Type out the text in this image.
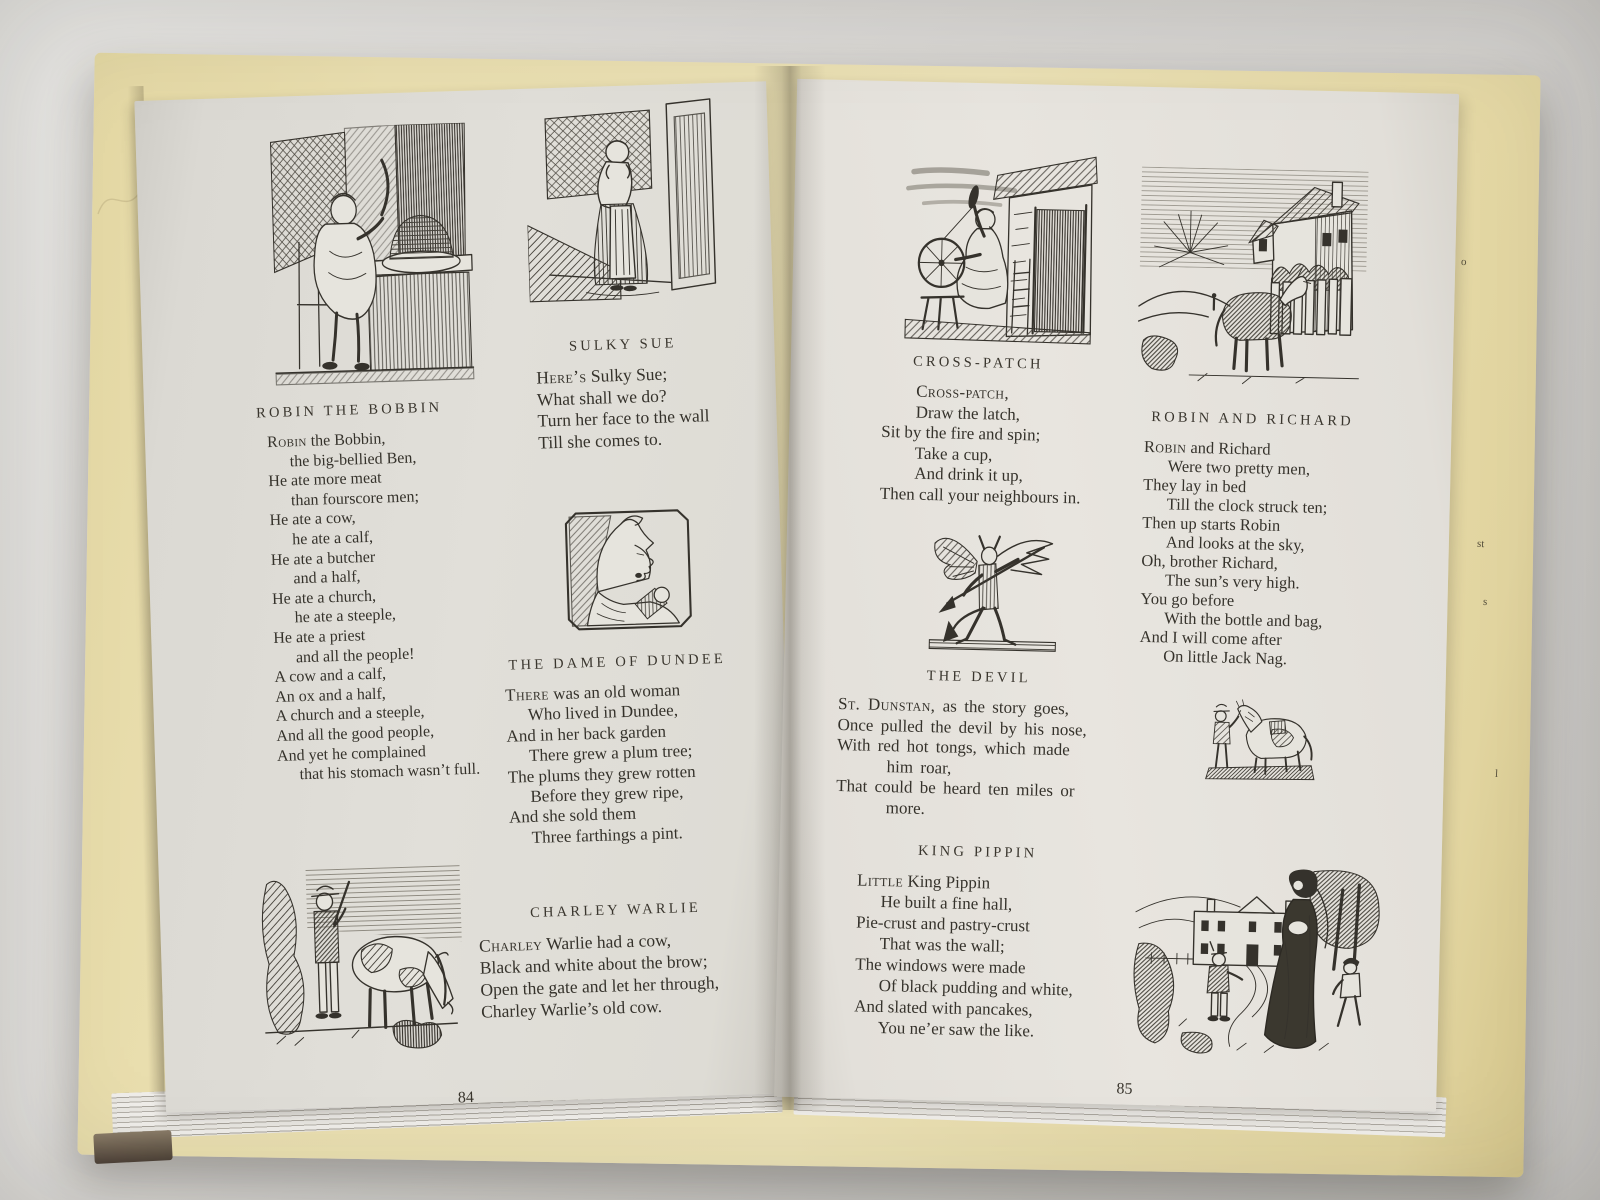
o
st
s
l
ROBIN THE BOBBIN
Robin the Bobbin,
the big-bellied Ben,
He ate more meat
than fourscore men;
He ate a cow,
he ate a calf,
He ate a butcher
and a half,
He ate a church,
he ate a steeple,
He ate a priest
and all the people!
A cow and a calf,
An ox and a half,
A church and a steeple,
And all the good people,
And yet he complained
that his stomach wasn’t full.
84
SULKY SUE
Here’s Sulky Sue;
What shall we do?
Turn her face to the wall
Till she comes to.
THE DAME OF DUNDEE
There was an old woman
Who lived in Dundee,
And in her back garden
There grew a plum tree;
The plums they grew rotten
Before they grew ripe,
And she sold them
Three farthings a pint.
CHARLEY WARLIE
Charley Warlie had a cow,
Black and white about the brow;
Open the gate and let her through,
Charley Warlie’s old cow.
CROSS-PATCH
Cross-patch,
Draw the latch,
Sit by the fire and spin;
Take a cup,
And drink it up,
Then call your neighbours in.
THE DEVIL
St. Dunstan, as the story goes,
Once pulled the devil by his nose,
With red hot tongs, which made
him roar,
That could be heard ten miles or
more.
KING PIPPIN
Little King Pippin
He built a fine hall,
Pie-crust and pastry-crust
That was the wall;
The windows were made
Of black pudding and white,
And slated with pancakes,
You ne’er saw the like.
85
ROBIN AND RICHARD
Robin and Richard
Were two pretty men,
They lay in bed
Till the clock struck ten;
Then up starts Robin
And looks at the sky,
Oh, brother Richard,
The sun’s very high.
You go before
With the bottle and bag,
And I will come after
On little Jack Nag.
